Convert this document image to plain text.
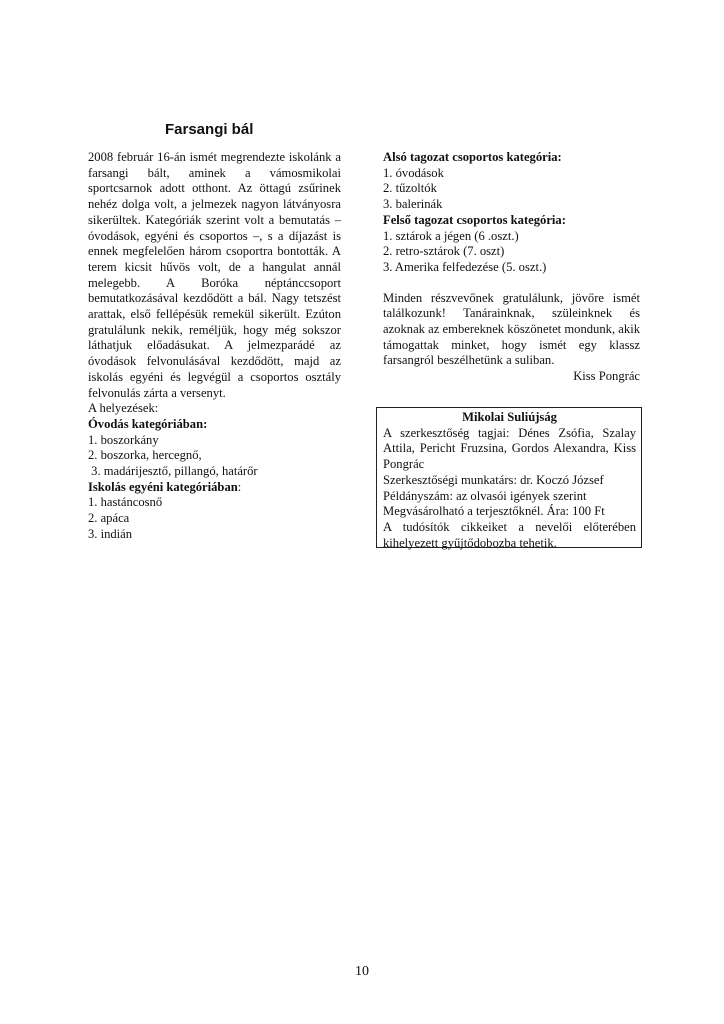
Farsangi bál

2008 február 16-án ismét megrendezte iskolánk a farsangi bált, aminek a vámosmikolai sportcsarnok adott otthont. Az öttagú zsűrinek nehéz dolga volt, a jelmezek nagyon látványosra sikerültek. Kategóriák szerint volt a bemutatás – óvodások, egyéni és csoportos –, s a díjazást is ennek megfelelően három csoportra bontották. A terem kicsit hűvös volt, de a hangulat annál melegebb. A Boróka néptánccsoport bemutatkozásával kezdődött a bál. Nagy tetszést arattak, első fellépésük remekül sikerült. Ezúton gratulálunk nekik, reméljük, hogy még sokszor láthatjuk előadásukat. A jelmezparádé az óvodások felvonulásával kezdődött, majd az iskolás egyéni és legvégül a csoportos osztály felvonulás zárta a versenyt.

A helyezések:
Óvodás kategóriában:
1. boszorkány
2. boszorka, hercegnő,
3. madárijesztő, pillangó, határőr
Iskolás egyéni kategóriában:
1. hastáncosnő
2. apáca
3. indián
Alsó tagozat csoportos kategória:
1. óvodások
2. tűzoltók
3. balerinák
Felső tagozat csoportos kategória:
1. sztárok a jégen (6 .oszt.)
2. retro-sztárok (7. oszt)
3. Amerika felfedezése (5. oszt.)

Minden részvevőnek gratulálunk, jövőre ismét találkozunk! Tanárainknak, szüleinknek és azoknak az embereknek köszönetet mondunk, akik támogattak minket, hogy ismét egy klassz farsangról beszélhetünk a suliban.

Kiss Pongrác

Mikolai Suliújság

A szerkesztőség tagjai: Dénes Zsófia, Szalay Attila, Pericht Fruzsina, Gordos Alexandra, Kiss Pongrác

Szerkesztőségi munkatárs: dr. Koczó József

Példányszám: az olvasói igények szerint

Megvásárolható a terjesztőknél. Ára: 100 Ft

A tudósítók cikkeiket a nevelői előterében kihelyezett gyűjtődobozba tehetik.

10
